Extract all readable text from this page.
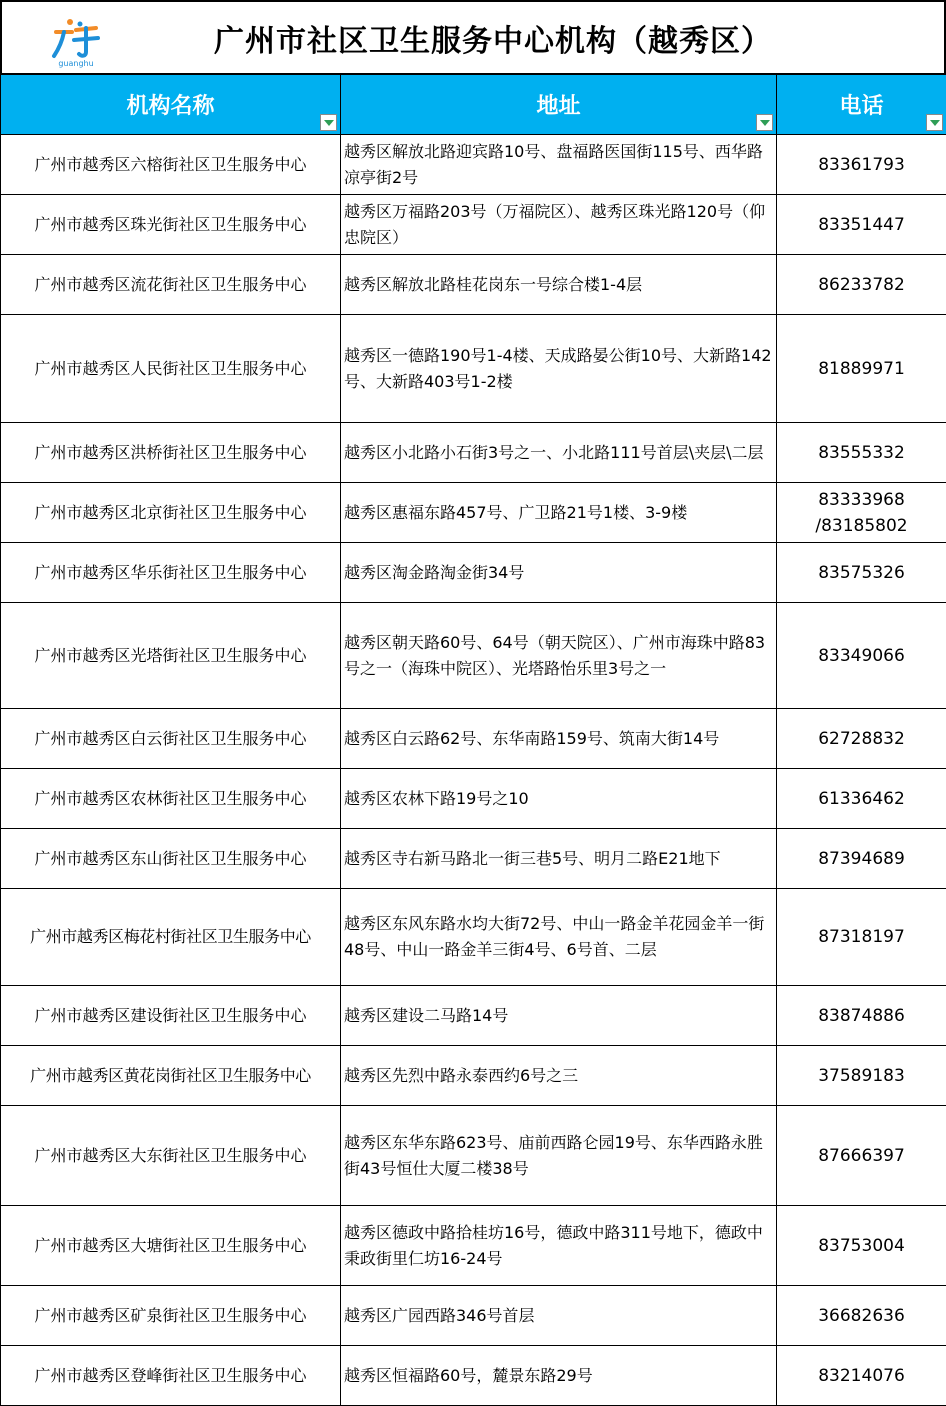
guanghu
广州市社区卫生服务中心机构（越秀区）
机构名称	地址	电话

广州市越秀区六榕街社区卫生服务中心	越秀区解放北路迎宾路10号、盘福路医国街115号、西华路凉亭街2号	83361793
广州市越秀区珠光街社区卫生服务中心	越秀区万福路203号（万福院区）、越秀区珠光路120号（仰忠院区）	83351447
广州市越秀区流花街社区卫生服务中心	越秀区解放北路桂花岗东一号综合楼1-4层	86233782
广州市越秀区人民街社区卫生服务中心	越秀区一德路190号1-4楼、天成路晏公街10号、大新路142号、大新路403号1-2楼	81889971
广州市越秀区洪桥街社区卫生服务中心	越秀区小北路小石街3号之一、小北路111号首层\夹层\二层	83555332
广州市越秀区北京街社区卫生服务中心	越秀区惠福东路457号、广卫路21号1楼、3-9楼	83333968 /83185802
广州市越秀区华乐街社区卫生服务中心	越秀区淘金路淘金街34号	83575326
广州市越秀区光塔街社区卫生服务中心	越秀区朝天路60号、64号（朝天院区）、广州市海珠中路83号之一（海珠中院区）、光塔路怡乐里3号之一	83349066
广州市越秀区白云街社区卫生服务中心	越秀区白云路62号、东华南路159号、筑南大街14号	62728832
广州市越秀区农林街社区卫生服务中心	越秀区农林下路19号之10	61336462
广州市越秀区东山街社区卫生服务中心	越秀区寺右新马路北一街三巷5号、明月二路E21地下	87394689
广州市越秀区梅花村街社区卫生服务中心	越秀区东风东路水均大街72号、中山一路金羊花园金羊一街48号、中山一路金羊三街4号、6号首、二层	87318197
广州市越秀区建设街社区卫生服务中心	越秀区建设二马路14号	83874886
广州市越秀区黄花岗街社区卫生服务中心	越秀区先烈中路永泰西约6号之三	37589183
广州市越秀区大东街社区卫生服务中心	越秀区东华东路623号、庙前西路仑园19号、东华西路永胜街43号恒仕大厦二楼38号	87666397
广州市越秀区大塘街社区卫生服务中心	越秀区德政中路拾桂坊16号，德政中路311号地下，德政中秉政街里仁坊16-24号	83753004
广州市越秀区矿泉街社区卫生服务中心	越秀区广园西路346号首层	36682636
广州市越秀区登峰街社区卫生服务中心	越秀区恒福路60号，麓景东路29号	83214076
